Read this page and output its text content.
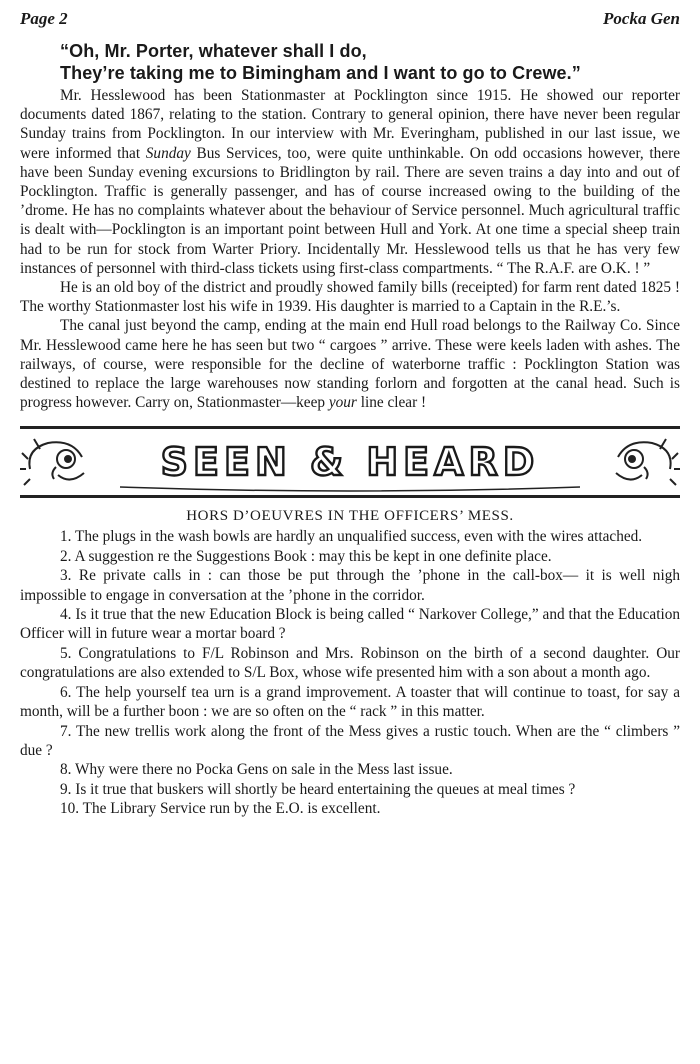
Page 2	Pocka Gen
“Oh, Mr. Porter, whatever shall I do,
They’re taking me to Bimingham and I want to go to Crewe.”

Mr. Hesslewood has been Stationmaster at Pocklington since 1915. He showed our reporter documents dated 1867, relating to the station. Contrary to general opinion, there have never been regular Sunday trains from Pocklington. In our interview with Mr. Everingham, published in our last issue, we were informed that Sunday Bus Services, too, were quite unthinkable. On odd occasions however, there have been Sunday evening excursions to Bridlington by rail. There are seven trains a day into and out of Pocklington. Traffic is generally passenger, and has of course increased owing to the building of the ’drome. He has no complaints whatever about the behaviour of Service personnel. Much agricultural traffic is dealt with—Pocklington is an important point between Hull and York. At one time a special sheep train had to be run for stock from Warter Priory. Incidentally Mr. Hesslewood tells us that he has very few instances of personnel with third-class tickets using first-class compartments. “ The R.A.F. are O.K. ! ”

He is an old boy of the district and proudly showed family bills (receipted) for farm rent dated 1825 ! The worthy Stationmaster lost his wife in 1939. His daughter is married to a Captain in the R.E.’s.

The canal just beyond the camp, ending at the main end Hull road belongs to the Railway Co. Since Mr. Hesslewood came here he has seen but two “ cargoes ” arrive. These were keels laden with ashes. The railways, of course, were responsible for the decline of waterborne traffic : Pocklington Station was destined to replace the large warehouses now standing forlorn and forgotten at the canal head. Such is progress however. Carry on, Stationmaster—keep your line clear !

SEEN & HEARD
HORS D’OEUVRES IN THE OFFICERS’ MESS.

1. The plugs in the wash bowls are hardly an unqualified success, even with the wires attached.

2. A suggestion re the Suggestions Book : may this be kept in one definite place.

3. Re private calls in : can those be put through the ’phone in the call-box— it is well nigh impossible to engage in conversation at the ’phone in the corridor.

4. Is it true that the new Education Block is being called “ Narkover College,” and that the Education Officer will in future wear a mortar board ?

5. Congratulations to F/L Robinson and Mrs. Robinson on the birth of a second daughter. Our congratulations are also extended to S/L Box, whose wife presented him with a son about a month ago.

6. The help yourself tea urn is a grand improvement. A toaster that will continue to toast, for say a month, will be a further boon : we are so often on the “ rack ” in this matter.

7. The new trellis work along the front of the Mess gives a rustic touch. When are the “ climbers ” due ?

8. Why were there no Pocka Gens on sale in the Mess last issue.

9. Is it true that buskers will shortly be heard entertaining the queues at meal times ?

10. The Library Service run by the E.O. is excellent.
